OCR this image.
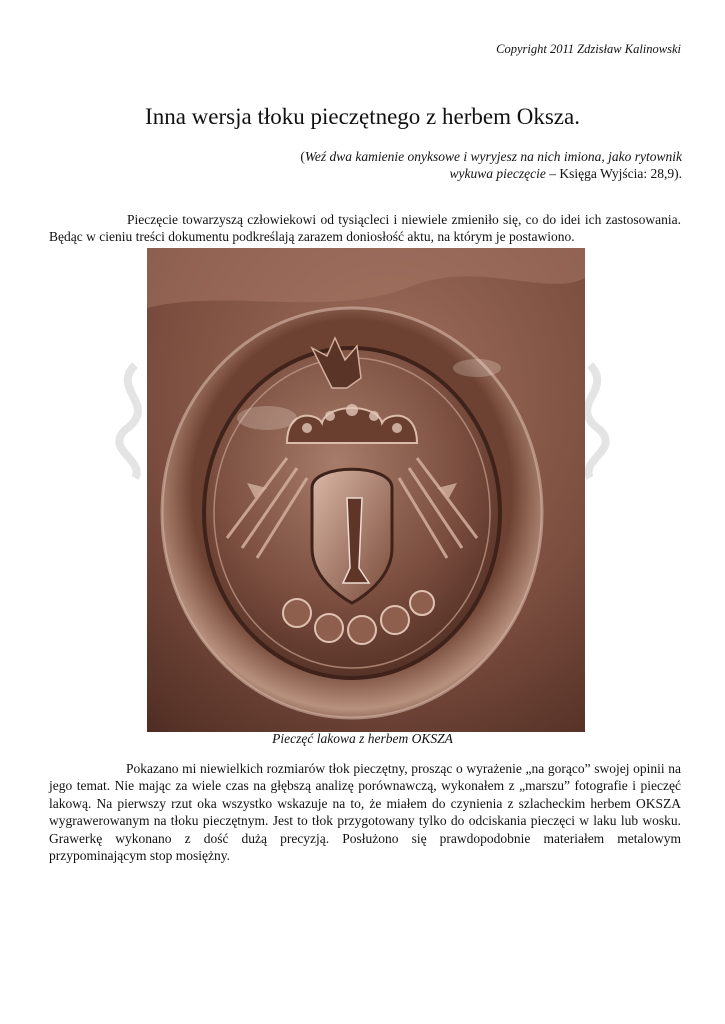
Copyright 2011 Zdzisław Kalinowski
Inna wersja tłoku pieczętnego z herbem Oksza.
(Weź dwa kamienie onyksowe i wyryjesz na nich imiona, jako rytownik wykuwa pieczęcie – Księga Wyjścia: 28,9).

Pieczęcie towarzyszą człowiekowi od tysiącleci i niewiele zmieniło się, co do idei ich zastosowania. Będąc w cieniu treści dokumentu podkreślają zarazem doniosłość aktu, na którym je postawiono.

Pieczęć lakowa z herbem OKSZA

Pokazano mi niewielkich rozmiarów tłok pieczętny, prosząc o wyrażenie „na gorąco” swojej opinii na jego temat. Nie mając za wiele czas na głębszą analizę porównawczą, wykonałem z „marszu” fotografie i pieczęć lakową. Na pierwszy rzut oka wszystko wskazuje na to, że miałem do czynienia z szlacheckim herbem OKSZA wygrawerowanym na tłoku pieczętnym. Jest to tłok przygotowany tylko do odciskania pieczęci w laku lub wosku. Grawerkę wykonano z dość dużą precyzją. Posłużono się prawdopodobnie materiałem metalowym przypominającym stop mosiężny.
